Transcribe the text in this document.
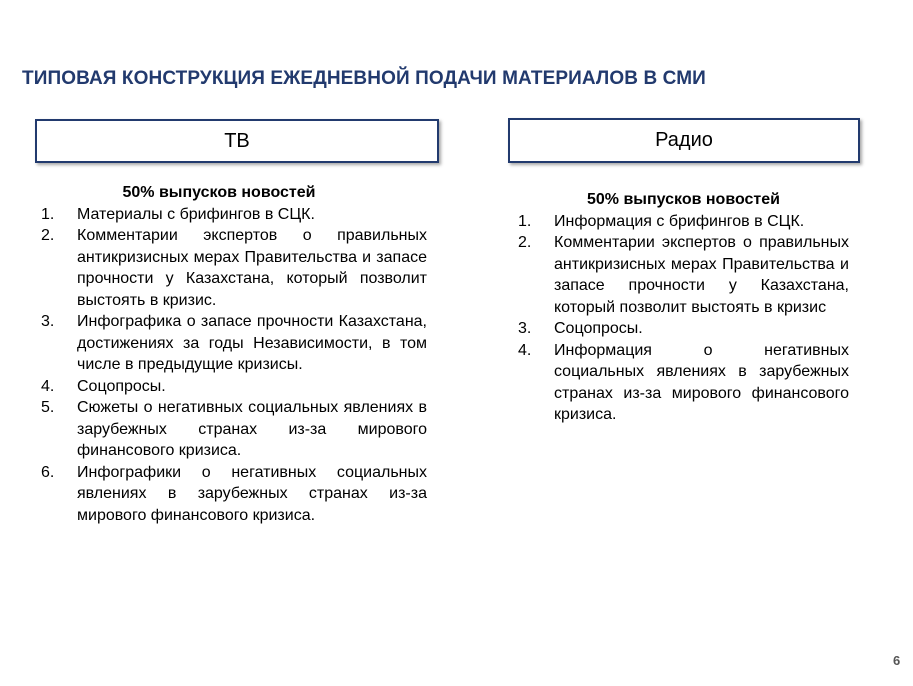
ТИПОВАЯ КОНСТРУКЦИЯ ЕЖЕДНЕВНОЙ ПОДАЧИ МАТЕРИАЛОВ В СМИ
ТВ	Радио
50% выпусков новостей
1.	Материалы с брифингов в СЦК.
2.	Комментарии экспертов о правильных антикризисных мерах Правительства и запасе прочности у Казахстана, который позволит выстоять в кризис.
3.	Инфографика о запасе прочности Казахстана, достижениях за годы Независимости, в том числе в предыдущие кризисы.
4.	Соцопросы.
5.	Сюжеты о негативных социальных явлениях в зарубежных странах из-за мирового финансового кризиса.
6.	Инфографики о негативных социальных явлениях в зарубежных странах из-за мирового финансового кризиса.
50% выпусков новостей
1.	Информация с брифингов в СЦК.
2.	Комментарии экспертов о правильных антикризисных мерах Правительства и запасе прочности у Казахстана, который позволит выстоять в кризис
3.	Соцопросы.
4.	Информация о негативных социальных явлениях в зарубежных странах из-за мирового финансового кризиса.
6
